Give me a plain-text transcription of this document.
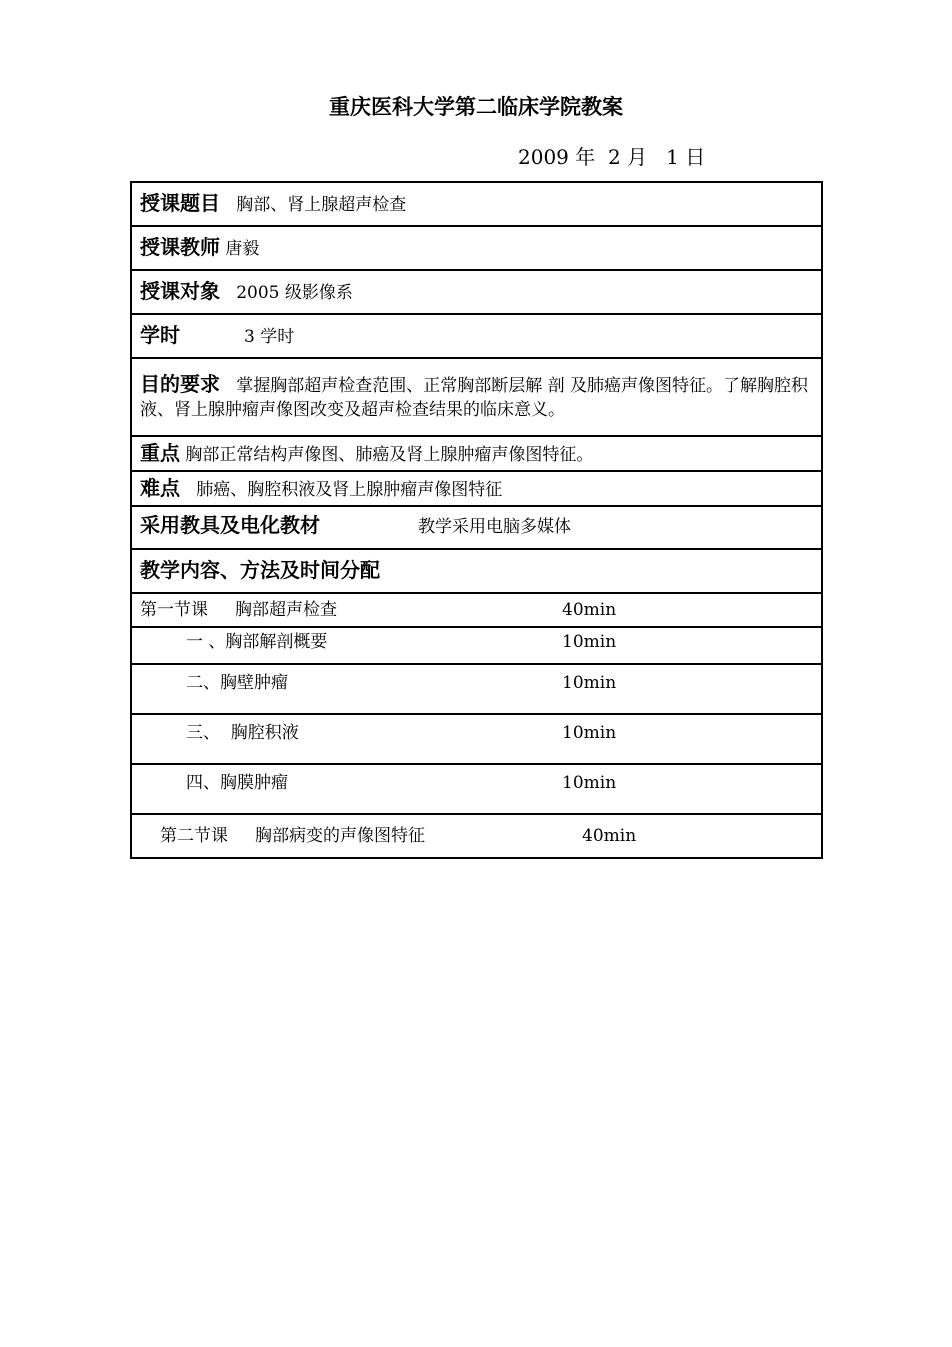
重庆医科大学第二临床学院教案
2009 年 2 月 1 日
授课题目 胸部、肾上腺超声检查
授课教师 唐毅
授课对象 2005 级影像系
学时	3 学时
目的要求 掌握胸部超声检查范围、正常胸部断层解 剖 及肺癌声像图特征。了解胸腔积液、肾上腺肿瘤声像图改变及超声检查结果的临床意义。
重点 胸部正常结构声像图、肺癌及肾上腺肿瘤声像图特征。
难点 肺癌、胸腔积液及肾上腺肿瘤声像图特征
采用教具及电化教材	教学采用电脑多媒体
教学内容、方法及时间分配
第一节课     胸部超声检查	40min
一 、胸部解剖概要	10min
二、胸壁肿瘤	10min
三、  胸腔积液	10min
四、胸膜肿瘤	10min
第二节课     胸部病变的声像图特征	40min
